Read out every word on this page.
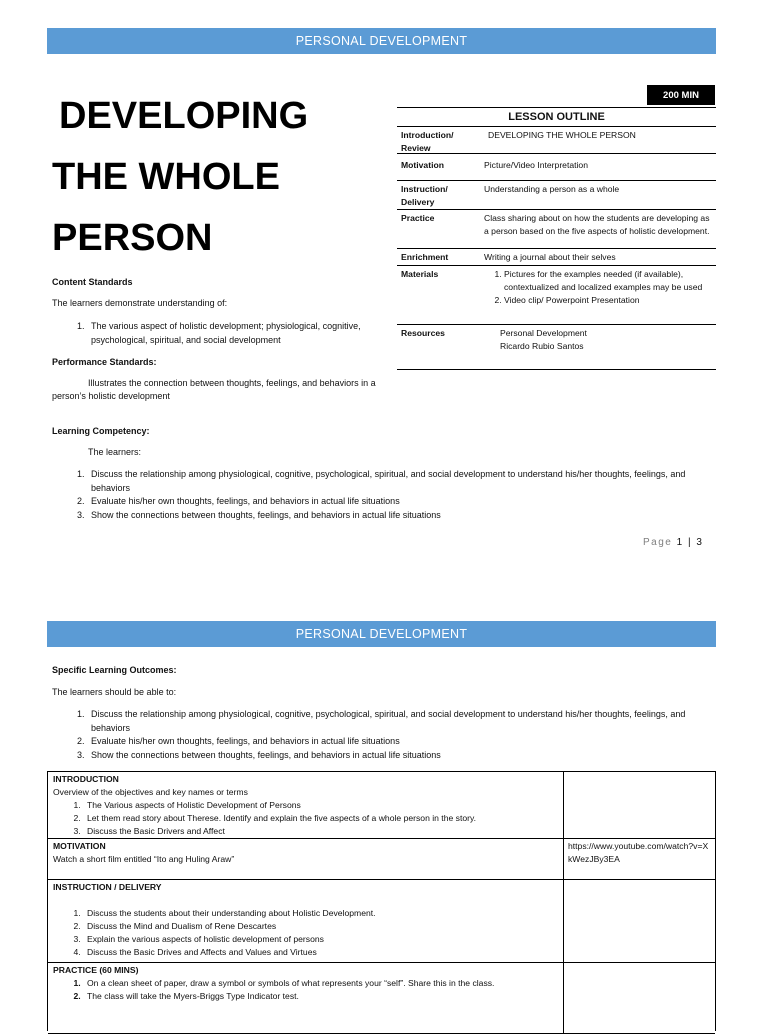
PERSONAL DEVELOPMENT
DEVELOPING
THE WHOLE
PERSON
Content Standards
The learners demonstrate understanding of:
1. The various aspect of holistic development; physiological, cognitive, psychological, spiritual, and social development
Performance Standards:
Illustrates the connection between thoughts, feelings, and behaviors in a person’s holistic development
Learning Competency:
The learners:
1. Discuss the relationship among physiological, cognitive, psychological, spiritual, and social development to understand his/her thoughts, feelings, and behaviors
2. Evaluate his/her own thoughts, feelings, and behaviors in actual life situations
3. Show the connections between thoughts, feelings, and behaviors in actual life situations
200 MIN
LESSON OUTLINE
Introduction/ Review
DEVELOPING THE WHOLE PERSON
Motivation	Picture/Video Interpretation
Instruction/ Delivery
Understanding a person as a whole
Practice	Class sharing about on how the students are developing as a person based on the five aspects of holistic development.
Enrichment	Writing a journal about their selves
Materials
1.	Pictures for the examples needed (if available), contextualized and localized examples may be used
2. Video clip/ Powerpoint Presentation
Resources	Personal Development
Ricardo Rubio Santos
Page 1 | 3
PERSONAL DEVELOPMENT
Specific Learning Outcomes:
The learners should be able to:
1. Discuss the relationship among physiological, cognitive, psychological, spiritual, and social development to understand his/her thoughts, feelings, and behaviors
2. Evaluate his/her own thoughts, feelings, and behaviors in actual life situations
3. Show the connections between thoughts, feelings, and behaviors in actual life situations
INTRODUCTION
Overview of the objectives and key names or terms
1. The Various aspects of Holistic Development of Persons
2. Let them read story about Therese. Identify and explain the five aspects of a whole person in the story.
3. Discuss the Basic Drivers and Affect
MOTIVATION
Watch a short film entitled “Ito ang Huling Araw”
https://www.youtube.com/watch?v=XkWezJBy3EA
INSTRUCTION / DELIVERY
1. Discuss the students about their understanding about Holistic Development.
2. Discuss the Mind and Dualism of Rene Descartes
3. Explain the various aspects of holistic development of persons
4. Discuss the Basic Drives and Affects and Values and Virtues
PRACTICE (60 MINS)
1. On a clean sheet of paper, draw a symbol or symbols of what represents your “self”. Share this in the class.
2. The class will take the Myers-Briggs Type Indicator test.
